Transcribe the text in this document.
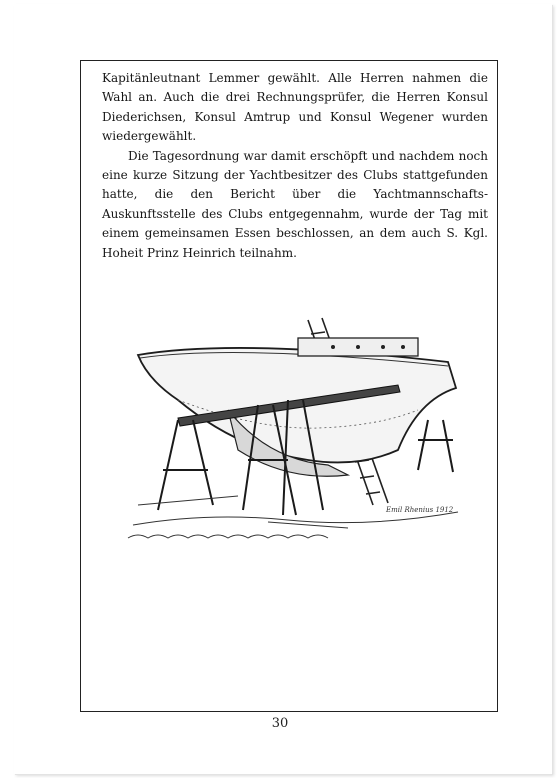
Kapitänleutnant Lemmer gewählt. Alle Herren nahmen die Wahl an. Auch die drei Rechnungsprüfer, die Herren Konsul Diederichsen, Konsul Amtrup und Konsul Wegener wurden wiedergewählt.

Die Tagesordnung war damit erschöpft und nachdem noch eine kurze Sitzung der Yachtbesitzer des Clubs stattgefunden hatte, die den Bericht über die Yachtmannschafts-Auskunftsstelle des Clubs entgegennahm, wurde der Tag mit einem gemeinsamen Essen beschlossen, an dem auch S. Kgl. Hoheit Prinz Heinrich teilnahm.

Emil Rhenius 1912
30
